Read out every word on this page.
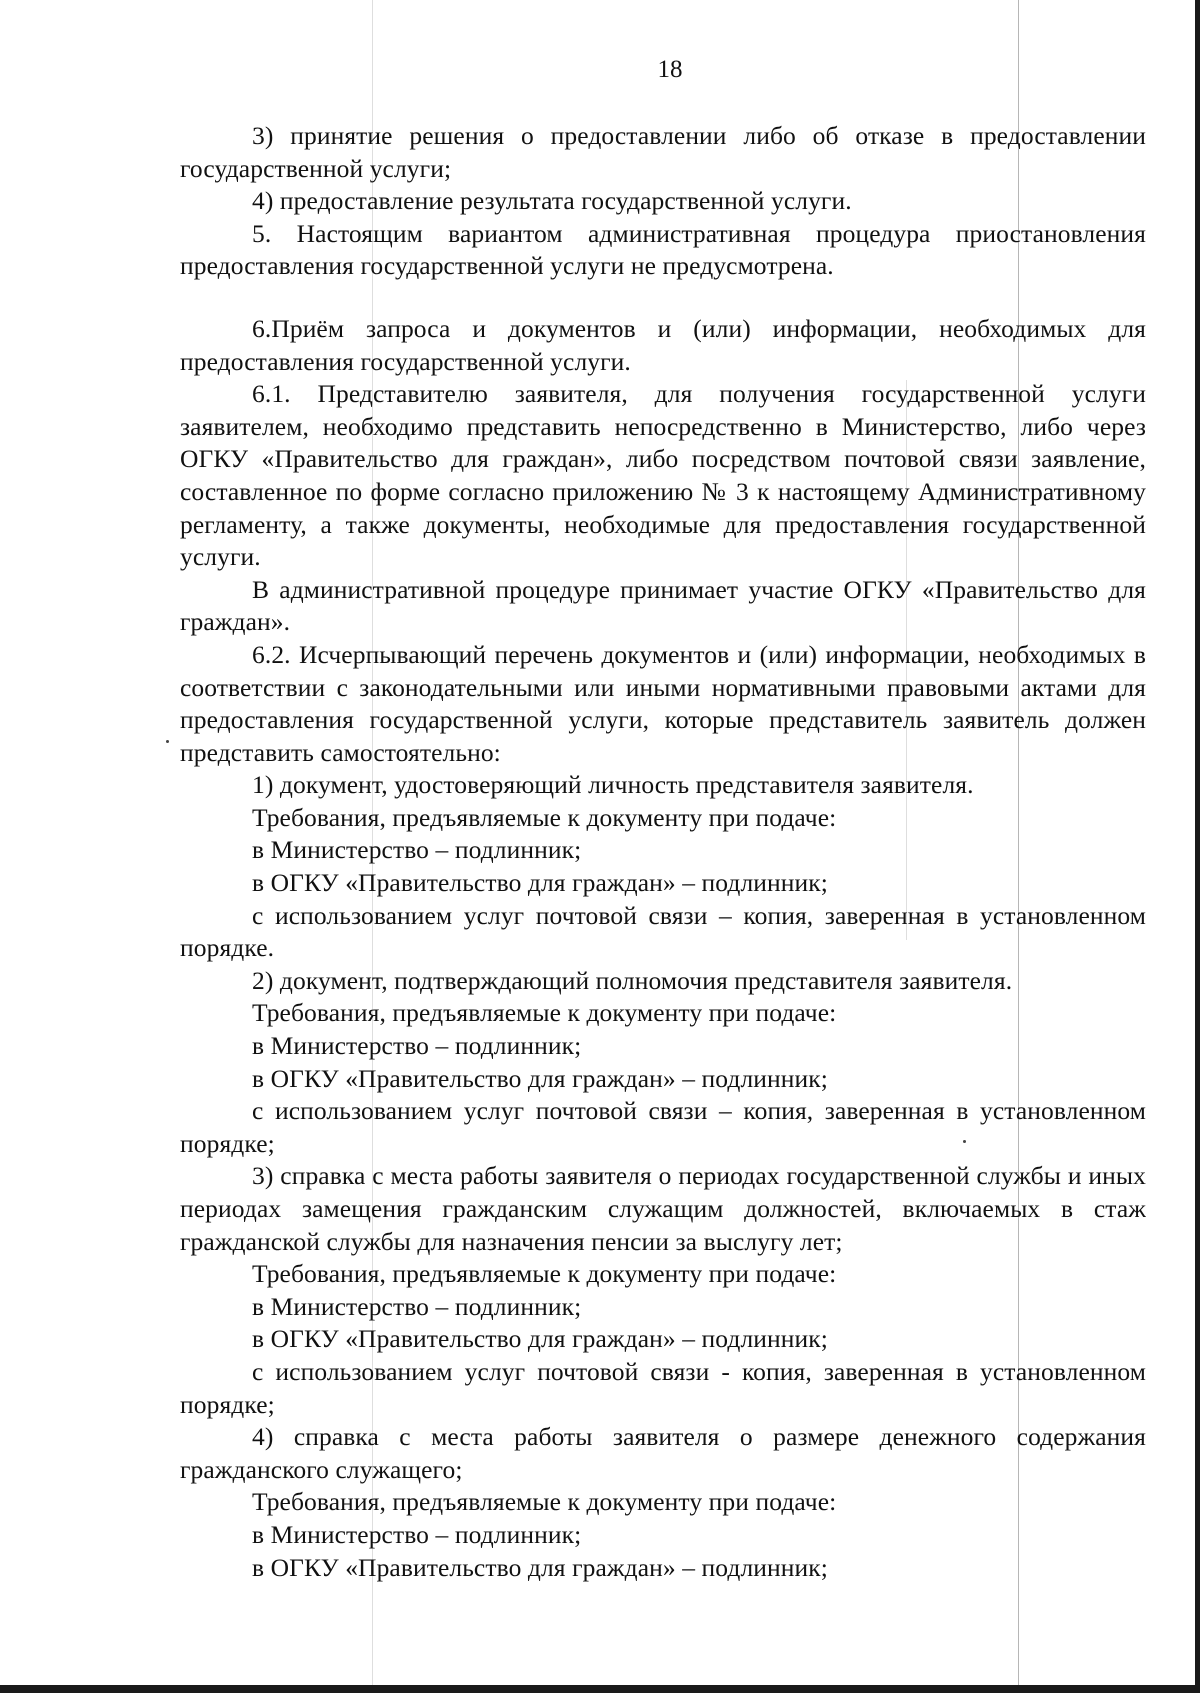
18

3) принятие решения о предоставлении либо об отказе в предоставлении государственной услуги;

4) предоставление результата государственной услуги.

5. Настоящим вариантом административная процедура приостановления предоставления государственной услуги не предусмотрена.

6.Приём запроса и документов и (или) информации, необходимых для предоставления государственной услуги.

6.1. Представителю заявителя, для получения государственной услуги заявителем, необходимо представить непосредственно в Министерство, либо через ОГКУ «Правительство для граждан», либо посредством почтовой связи заявление, составленное по форме согласно приложению № 3 к настоящему Административному регламенту, а также документы, необходимые для предоставления государственной услуги.

В административной процедуре принимает участие ОГКУ «Правительство для граждан».

6.2. Исчерпывающий перечень документов и (или) информации, необходимых в соответствии с законодательными или иными нормативными правовыми актами для предоставления государственной услуги, которые представитель заявитель должен представить самостоятельно:

1) документ, удостоверяющий личность представителя заявителя.

Требования, предъявляемые к документу при подаче:

в Министерство – подлинник;

в ОГКУ «Правительство для граждан» – подлинник;

с использованием услуг почтовой связи – копия, заверенная в установленном порядке.

2) документ, подтверждающий полномочия представителя заявителя.

Требования, предъявляемые к документу при подаче:

в Министерство – подлинник;

в ОГКУ «Правительство для граждан» – подлинник;

с использованием услуг почтовой связи – копия, заверенная в установленном порядке;

3) справка с места работы заявителя о периодах государственной службы и иных периодах замещения гражданским служащим должностей, включаемых в стаж гражданской службы для назначения пенсии за выслугу лет;

Требования, предъявляемые к документу при подаче:

в Министерство – подлинник;

в ОГКУ «Правительство для граждан» – подлинник;

с использованием услуг почтовой связи - копия, заверенная в установленном порядке;

4) справка с места работы заявителя о размере денежного содержания гражданского служащего;

Требования, предъявляемые к документу при подаче:

в Министерство – подлинник;

в ОГКУ «Правительство для граждан» – подлинник;
